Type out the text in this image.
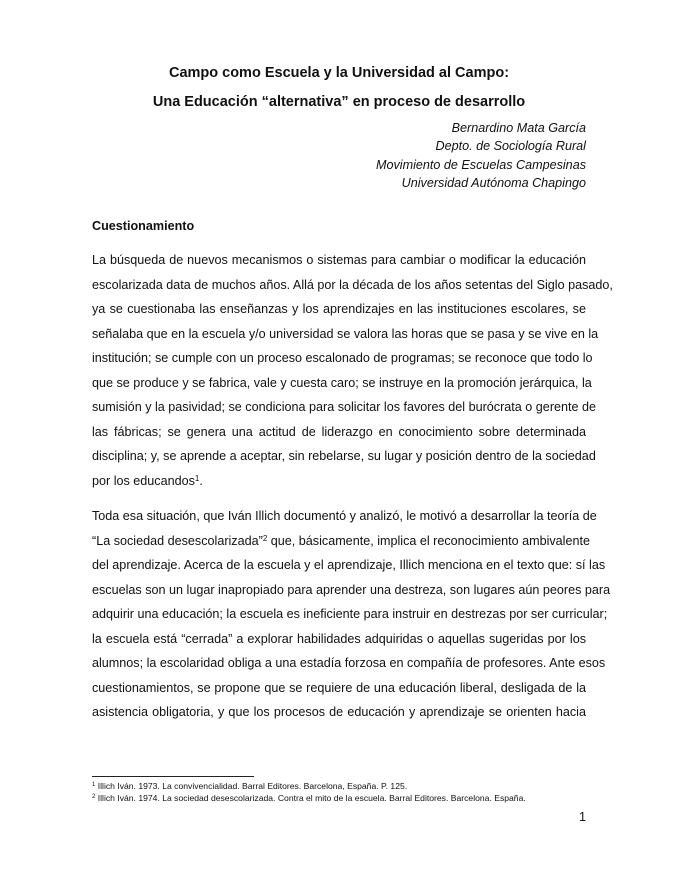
Campo como Escuela y la Universidad al Campo:
Una Educación “alternativa” en proceso de desarrollo
Bernardino Mata García
Depto. de Sociología Rural
Movimiento de Escuelas Campesinas
Universidad Autónoma Chapingo
Cuestionamiento
La búsqueda de nuevos mecanismos o sistemas para cambiar o modificar la educación
escolarizada data de muchos años. Allá por la década de los años setentas del Siglo pasado,
ya se cuestionaba las enseñanzas y los aprendizajes en las instituciones escolares, se
señalaba que en la escuela y/o universidad se valora las horas que se pasa y se vive en la
institución; se cumple con un proceso escalonado de programas; se reconoce que todo lo
que se produce y se fabrica, vale y cuesta caro; se instruye en la promoción jerárquica, la
sumisión y la pasividad; se condiciona para solicitar los favores del burócrata o gerente de
las fábricas; se genera una actitud de liderazgo en conocimiento sobre determinada
disciplina; y, se aprende a aceptar, sin rebelarse, su lugar y posición dentro de la sociedad
por los educandos$^1$.
Toda esa situación, que Iván Illich documentó y analizó, le motivó a desarrollar la teoría de
“La sociedad desescolarizada”$^2$ que, básicamente, implica el reconocimiento ambivalente
del aprendizaje. Acerca de la escuela y el aprendizaje, Illich menciona en el texto que: sí las
escuelas son un lugar inapropiado para aprender una destreza, son lugares aún peores para
adquirir una educación; la escuela es ineficiente para instruir en destrezas por ser curricular;
la escuela está “cerrada” a explorar habilidades adquiridas o aquellas sugeridas por los
alumnos; la escolaridad obliga a una estadía forzosa en compañía de profesores. Ante esos
cuestionamientos, se propone que se requiere de una educación liberal, desligada de la
asistencia obligatoria, y que los procesos de educación y aprendizaje se orienten hacia
$^1$ Illich Iván. 1973. La convivencialidad. Barral Editores. Barcelona, España. P. 125.
$^2$ Illich Iván. 1974. La sociedad desescolarizada. Contra el mito de la escuela. Barral Editores. Barcelona. España.
1
